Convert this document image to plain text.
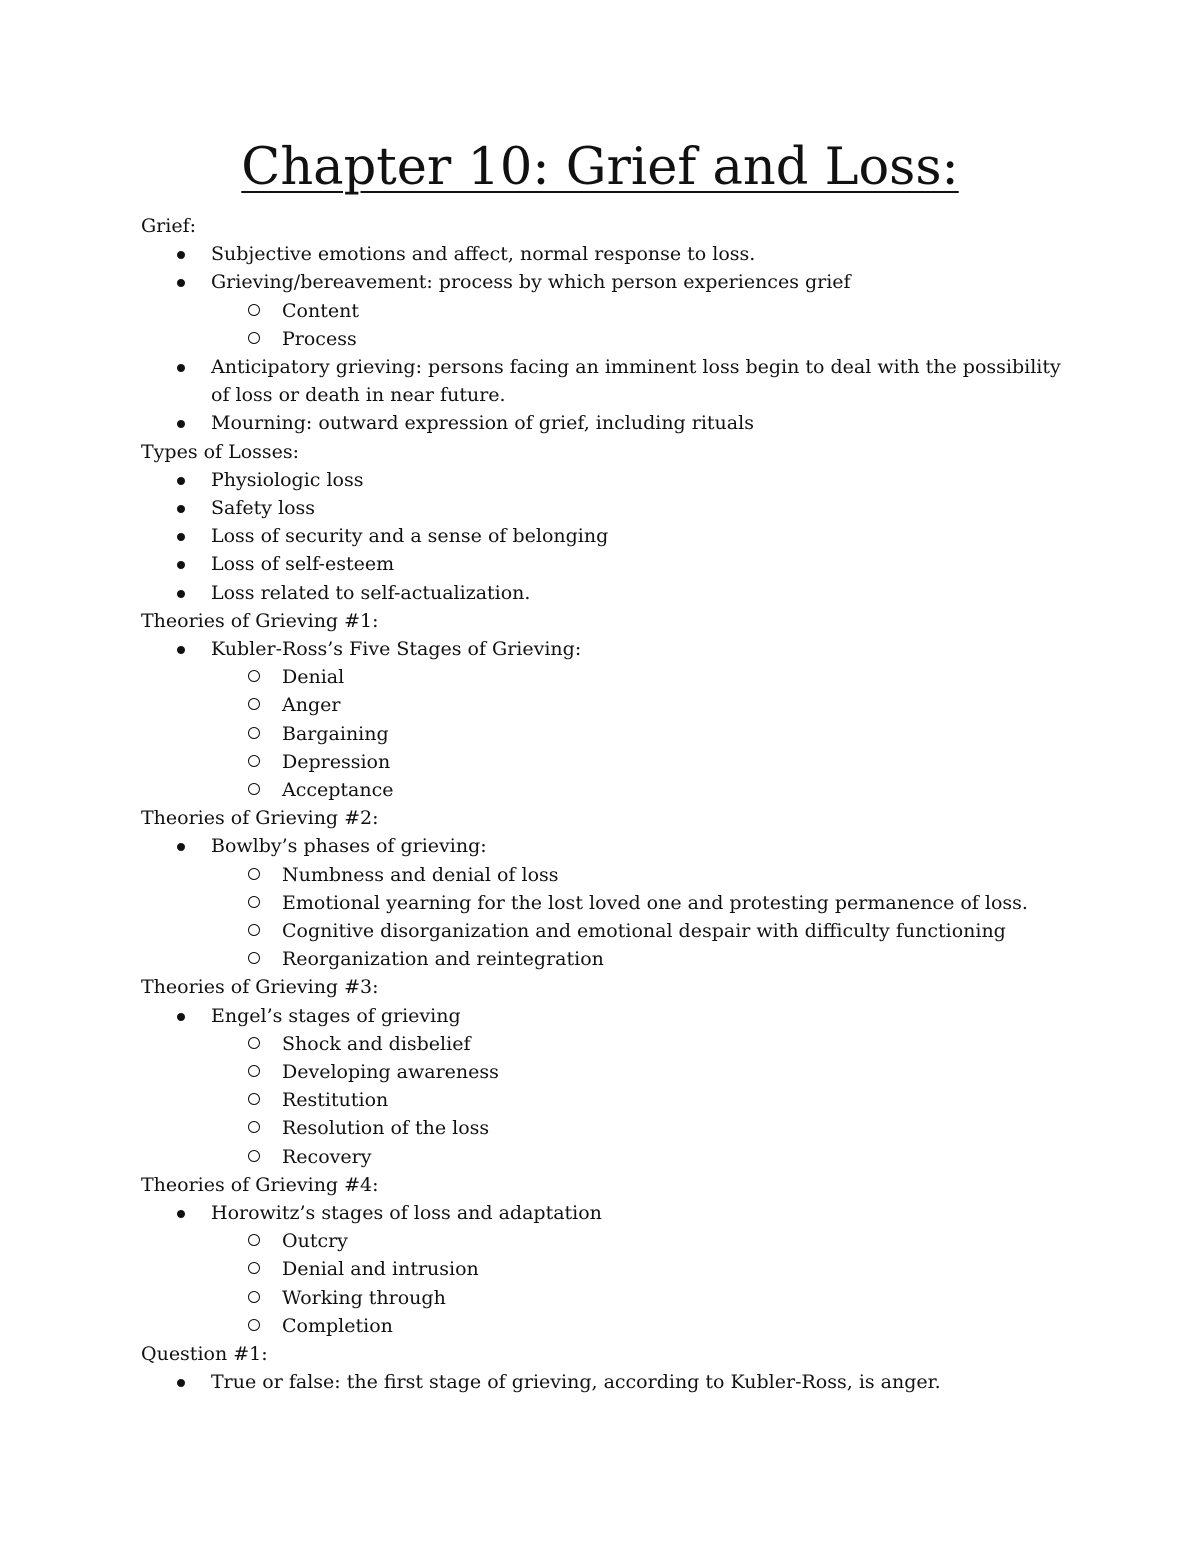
Chapter 10: Grief and Loss:
Grief:
Subjective emotions and affect, normal response to loss.
Grieving/bereavement: process by which person experiences grief
Content
Process
Anticipatory grieving: persons facing an imminent loss begin to deal with the possibility of loss or death in near future.
Mourning: outward expression of grief, including rituals
Types of Losses:
Physiologic loss
Safety loss
Loss of security and a sense of belonging
Loss of self-esteem
Loss related to self-actualization.
Theories of Grieving #1:
Kubler-Ross’s Five Stages of Grieving:
Denial
Anger
Bargaining
Depression
Acceptance
Theories of Grieving #2:
Bowlby’s phases of grieving:
Numbness and denial of loss
Emotional yearning for the lost loved one and protesting permanence of loss.
Cognitive disorganization and emotional despair with difficulty functioning
Reorganization and reintegration
Theories of Grieving #3:
Engel’s stages of grieving
Shock and disbelief
Developing awareness
Restitution
Resolution of the loss
Recovery
Theories of Grieving #4:
Horowitz’s stages of loss and adaptation
Outcry
Denial and intrusion
Working through
Completion
Question #1:
True or false: the first stage of grieving, according to Kubler-Ross, is anger.
